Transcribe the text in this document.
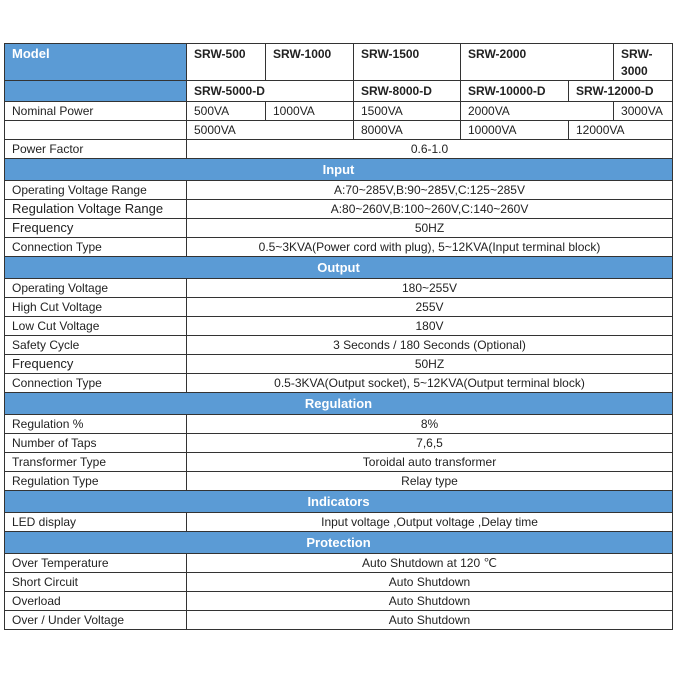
Model	SRW-500	SRW-1000	SRW-1500	SRW-2000		SRW-3000
	SRW-5000-D		SRW-8000-D	SRW-10000-D	SRW-12000-D	
Nominal Power	500VA	1000VA	1500VA	2000VA		3000VA
	5000VA		8000VA	10000VA	12000VA	
Power Factor	0.6-1.0					
Input						
Operating Voltage Range	A:70~285V,B:90~285V,C:125~285V					
Regulation Voltage Range	A:80~260V,B:100~260V,C:140~260V					
Frequency	50HZ					
Connection Type	0.5~3KVA(Power cord with plug), 5~12KVA(Input terminal block)					
Output						
Operating Voltage	180~255V					
High Cut Voltage	255V					
Low Cut Voltage	180V					
Safety Cycle	3 Seconds / 180 Seconds (Optional)					
Frequency	50HZ					
Connection Type	0.5-3KVA(Output socket), 5~12KVA(Output terminal block)					
Regulation						
Regulation %	8%					
Number of Taps	7,6,5					
Transformer Type	Toroidal auto transformer					
Regulation Type	Relay type					
Indicators						
LED display	Input voltage ,Output voltage ,Delay time					
Protection						
Over Temperature	Auto Shutdown at 120 ℃					
Short Circuit	Auto Shutdown					
Overload	Auto Shutdown					
Over / Under Voltage	Auto Shutdown					
